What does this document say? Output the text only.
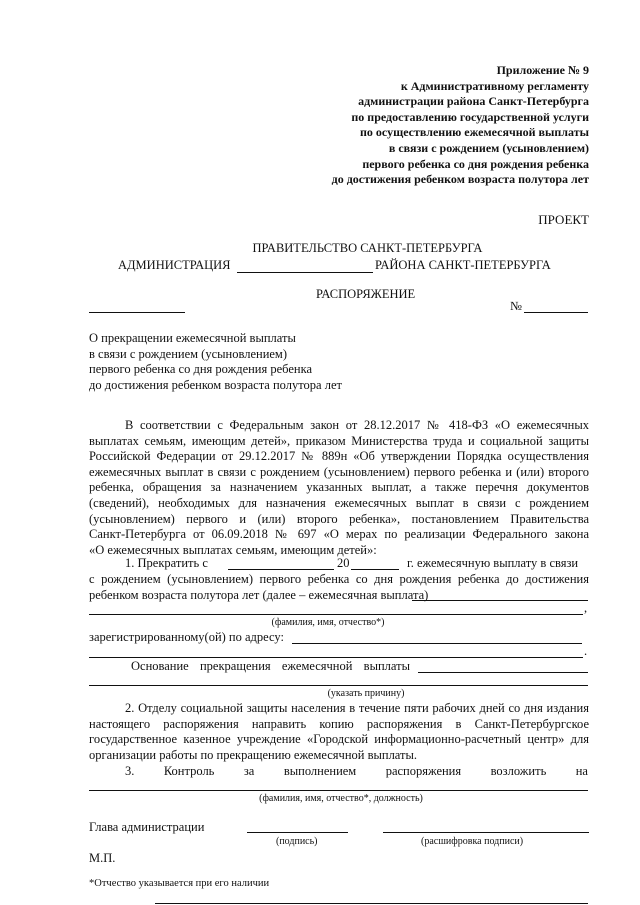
Приложение № 9
к Административному регламенту
администрации района Санкт-Петербурга
по предоставлению государственной услуги
по осуществлению ежемесячной выплаты
в связи с рождением (усыновлением)
первого ребенка со дня рождения ребенка
до достижения ребенком возраста полутора лет
ПРОЕКТ
ПРАВИТЕЛЬСТВО САНКТ-ПЕТЕРБУРГА
АДМИНИСТРАЦИЯ	РАЙОНА САНКТ-ПЕТЕРБУРГА
РАСПОРЯЖЕНИЕ
№
О прекращении ежемесячной выплаты
в связи с рождением (усыновлением)
первого ребенка со дня рождения ребенка
до достижения ребенком возраста полутора лет
В соответствии с Федеральным закон от 28.12.2017 № 418-ФЗ «О ежемесячных
выплатах семьям, имеющим детей», приказом Министерства труда и социальной защиты
Российской Федерации от 29.12.2017 № 889н «Об утверждении Порядка осуществления
ежемесячных выплат в связи с рождением (усыновлением) первого ребенка и (или) второго
ребенка, обращения за назначением указанных выплат, а также перечня документов
(сведений), необходимых для назначения ежемесячных выплат в связи с рождением
(усыновлением) первого и (или) второго ребенка», постановлением Правительства
Санкт-Петербурга от 06.09.2018 № 697 «О мерах по реализации Федерального закона
«О ежемесячных выплатах семьям, имеющим детей»:
1. Прекратить с	20	г. ежемесячную выплату в связи
с рождением (усыновлением) первого ребенка со дня рождения ребенка до достижения
ребенком возраста полутора лет (далее – ежемесячная выплата)
,
(фамилия, имя, отчество*)
зарегистрированному(ой) по адресу:
.
Основание прекращения ежемесячной выплаты
(указать причину)
2. Отделу социальной защиты населения в течение пяти рабочих дней со дня издания настоящего распоряжения направить копию распоряжения в Санкт-Петербургское государственное казенное учреждение «Городской информационно-расчетный центр» для организации работы по прекращению ежемесячной выплаты.
3. Контроль за выполнением распоряжения возложить на
(фамилия, имя, отчество*, должность)
Глава администрации
(подпись)	(расшифровка подписи)
М.П.
*Отчество указывается при его наличии
